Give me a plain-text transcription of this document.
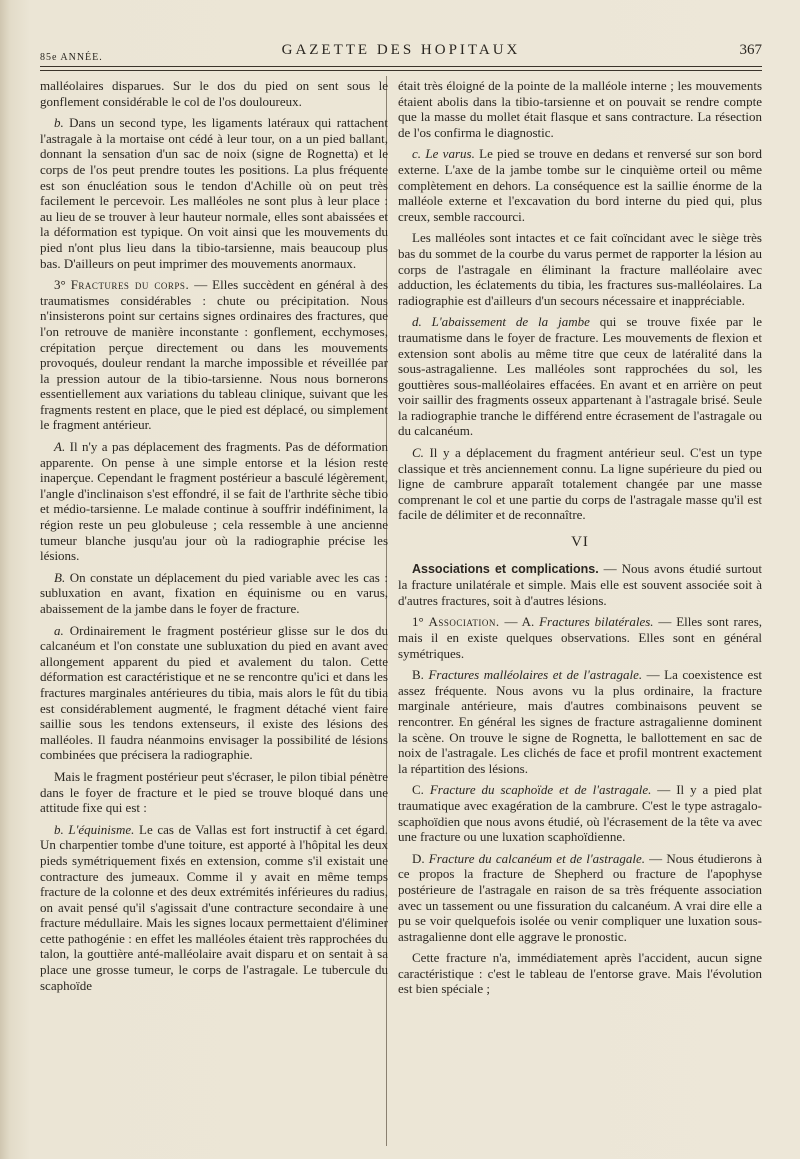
85e ANNÉE.	GAZETTE DES HOPITAUX	367

malléolaires disparues. Sur le dos du pied on sent sous le gonflement considérable le col de l'os douloureux.

b. Dans un second type, les ligaments latéraux qui rattachent l'astragale à la mortaise ont cédé à leur tour, on a un pied ballant, donnant la sensation d'un sac de noix (signe de Rognetta) et le corps de l'os peut prendre toutes les positions. La plus fréquente est son énucléation sous le tendon d'Achille où on peut très facilement le percevoir. Les malléoles ne sont plus à leur place : au lieu de se trouver à leur hauteur normale, elles sont abaissées et la déformation est typique. On voit ainsi que les mouvements du pied n'ont plus lieu dans la tibio-tarsienne, mais beaucoup plus bas. D'ailleurs on peut imprimer des mouvements anormaux.

3° Fractures du corps. — Elles succèdent en général à des traumatismes considérables : chute ou précipitation. Nous n'insisterons point sur certains signes ordinaires des fractures, que l'on retrouve de manière inconstante : gonflement, ecchymoses, crépitation perçue directement ou dans les mouvements provoqués, douleur rendant la marche impossible et réveillée par la pression autour de la tibio-tarsienne. Nous nous bornerons essentiellement aux variations du tableau clinique, suivant que les fragments restent en place, que le pied est déplacé, ou simplement le fragment antérieur.

A. Il n'y a pas déplacement des fragments. Pas de déformation apparente. On pense à une simple entorse et la lésion reste inaperçue. Cependant le fragment postérieur a basculé légèrement, l'angle d'inclinaison s'est effondré, il se fait de l'arthrite sèche tibio et médio-tarsienne. Le malade continue à souffrir indéfiniment, la région reste un peu globuleuse ; cela ressemble à une ancienne tumeur blanche jusqu'au jour où la radiographie précise les lésions.

B. On constate un déplacement du pied variable avec les cas : subluxation en avant, fixation en équinisme ou en varus, abaissement de la jambe dans le foyer de fracture.

a. Ordinairement le fragment postérieur glisse sur le dos du calcanéum et l'on constate une subluxation du pied en avant avec allongement apparent du pied et avalement du talon. Cette déformation est caractéristique et ne se rencontre qu'ici et dans les fractures marginales antérieures du tibia, mais alors le fût du tibia est considérablement augmenté, le fragment détaché vient faire saillie sous les tendons extenseurs, il existe des lésions des malléoles. Il faudra néanmoins envisager la possibilité de lésions combinées que précisera la radiographie.

Mais le fragment postérieur peut s'écraser, le pilon tibial pénètre dans le foyer de fracture et le pied se trouve bloqué dans une attitude fixe qui est :

b. L'équinisme. Le cas de Vallas est fort instructif à cet égard. Un charpentier tombe d'une toiture, est apporté à l'hôpital les deux pieds symétriquement fixés en extension, comme s'il existait une contracture des jumeaux. Comme il y avait en même temps fracture de la colonne et des deux extrémités inférieures du radius, on avait pensé qu'il s'agissait d'une contracture secondaire à une fracture médullaire. Mais les signes locaux permettaient d'éliminer cette pathogénie : en effet les malléoles étaient très rapprochées du talon, la gouttière anté-malléolaire avait disparu et on sentait à sa place une grosse tumeur, le corps de l'astragale. Le tubercule du scaphoïde

était très éloigné de la pointe de la malléole interne ; les mouvements étaient abolis dans la tibio-tarsienne et on pouvait se rendre compte que la masse du mollet était flasque et sans contracture. La résection de l'os confirma le diagnostic.

c. Le varus. Le pied se trouve en dedans et renversé sur son bord externe. L'axe de la jambe tombe sur le cinquième orteil ou même complètement en dehors. La conséquence est la saillie énorme de la malléole externe et l'excavation du bord interne du pied qui, plus creux, semble raccourci.

Les malléoles sont intactes et ce fait coïncidant avec le siège très bas du sommet de la courbe du varus permet de rapporter la lésion au corps de l'astragale en éliminant la fracture malléolaire avec adduction, les éclatements du tibia, les fractures sus-malléolaires. La radiographie est d'ailleurs d'un secours nécessaire et inappréciable.

d. L'abaissement de la jambe qui se trouve fixée par le traumatisme dans le foyer de fracture. Les mouvements de flexion et extension sont abolis au même titre que ceux de latéralité dans la sous-astragalienne. Les malléoles sont rapprochées du sol, les gouttières sous-malléolaires effacées. En avant et en arrière on peut voir saillir des fragments osseux appartenant à l'astragale brisé. Seule la radiographie tranche le différend entre écrasement de l'astragale ou du calcanéum.

C. Il y a déplacement du fragment antérieur seul. C'est un type classique et très anciennement connu. La ligne supérieure du pied ou ligne de cambrure apparaît totalement changée par une masse comprenant le col et une partie du corps de l'astragale masse qu'il est facile de délimiter et de reconnaître.

VI

Associations et complications. — Nous avons étudié surtout la fracture unilatérale et simple. Mais elle est souvent associée soit à d'autres fractures, soit à d'autres lésions.

1° Association. — A. Fractures bilatérales. — Elles sont rares, mais il en existe quelques observations. Elles sont en général symétriques.

B. Fractures malléolaires et de l'astragale. — La coexistence est assez fréquente. Nous avons vu la plus ordinaire, la fracture marginale antérieure, mais d'autres combinaisons peuvent se rencontrer. En général les signes de fracture astragalienne dominent la scène. On trouve le signe de Rognetta, le ballottement en sac de noix de l'astragale. Les clichés de face et profil montrent exactement la répartition des lésions.

C. Fracture du scaphoïde et de l'astragale. — Il y a pied plat traumatique avec exagération de la cambrure. C'est le type astragalo-scaphoïdien que nous avons étudié, où l'écrasement de la tête va avec une fracture ou une luxation scaphoïdienne.

D. Fracture du calcanéum et de l'astragale. — Nous étudierons à ce propos la fracture de Shepherd ou fracture de l'apophyse postérieure de l'astragale en raison de sa très fréquente association avec un tassement ou une fissuration du calcanéum. A vrai dire elle a pu se voir quelquefois isolée ou venir compliquer une luxation sous-astragalienne dont elle aggrave le pronostic.

Cette fracture n'a, immédiatement après l'accident, aucun signe caractéristique : c'est le tableau de l'entorse grave. Mais l'évolution est bien spéciale ;
